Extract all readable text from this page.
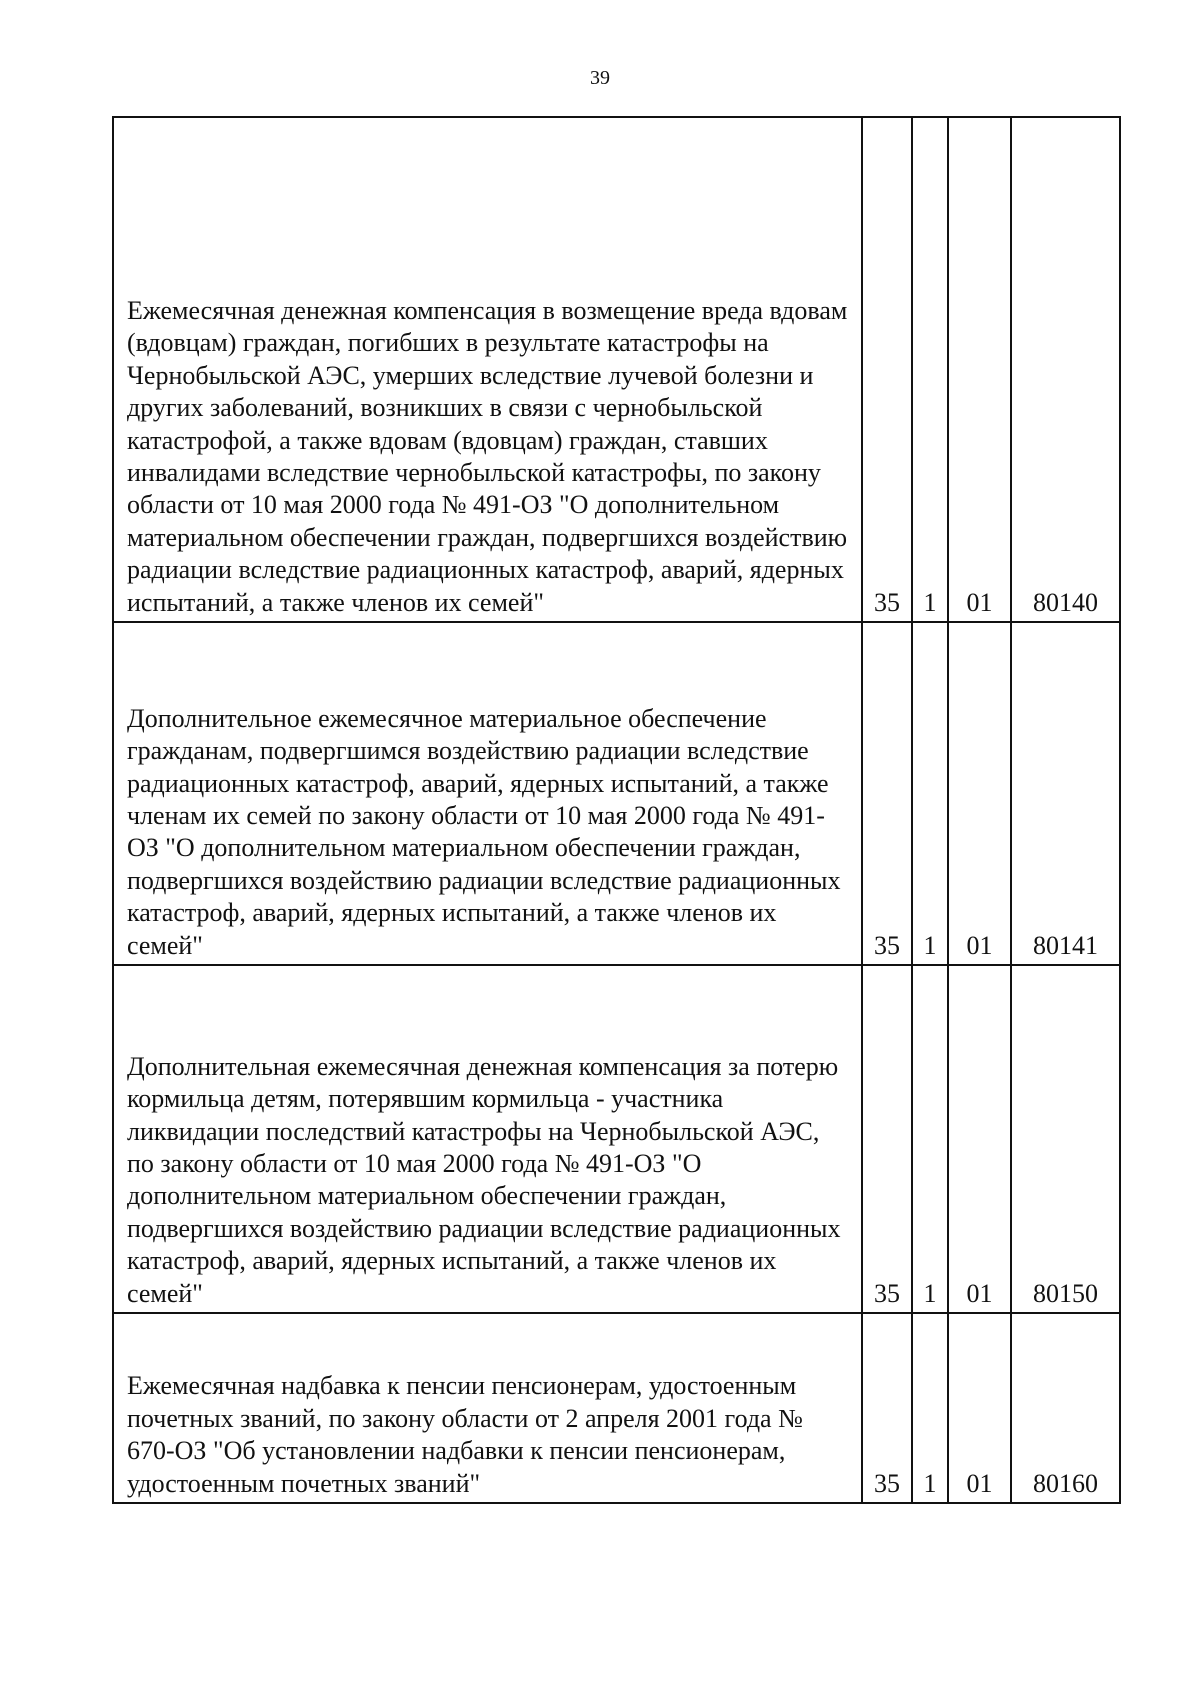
39
Ежемесячная денежная компенсация в возмещение вреда вдовам (вдовцам) граждан, погибших в результате катастрофы на Чернобыльской АЭС, умерших вследствие лучевой болезни и других заболеваний, возникших в связи с чернобыльской катастрофой, а также вдовам (вдовцам) граждан, ставших инвалидами вследствие чернобыльской катастрофы, по закону области от 10 мая 2000 года № 491-ОЗ "О дополнительном материальном обеспечении граждан, подвергшихся воздействию радиации вследствие радиационных катастроф, аварий, ядерных испытаний, а также членов их семей"	35	1	01	80140
Дополнительное ежемесячное материальное обеспечение гражданам, подвергшимся воздействию радиации вследствие радиационных катастроф, аварий, ядерных испытаний, а также членам их семей по закону области от 10 мая 2000 года № 491-ОЗ "О дополнительном материальном обеспечении граждан, подвергшихся воздействию радиации вследствие радиационных катастроф, аварий, ядерных испытаний, а также членов их семей"	35	1	01	80141
Дополнительная ежемесячная денежная компенсация за потерю кормильца детям, потерявшим кормильца - участника ликвидации последствий катастрофы на Чернобыльской АЭС, по закону области от 10 мая 2000 года № 491-ОЗ "О дополнительном материальном обеспечении граждан, подвергшихся воздействию радиации вследствие радиационных катастроф, аварий, ядерных испытаний, а также членов их семей"	35	1	01	80150
Ежемесячная надбавка к пенсии пенсионерам, удостоенным почетных званий, по закону области от 2 апреля 2001 года № 670-ОЗ "Об установлении надбавки к пенсии пенсионерам, удостоенным почетных званий"	35	1	01	80160
